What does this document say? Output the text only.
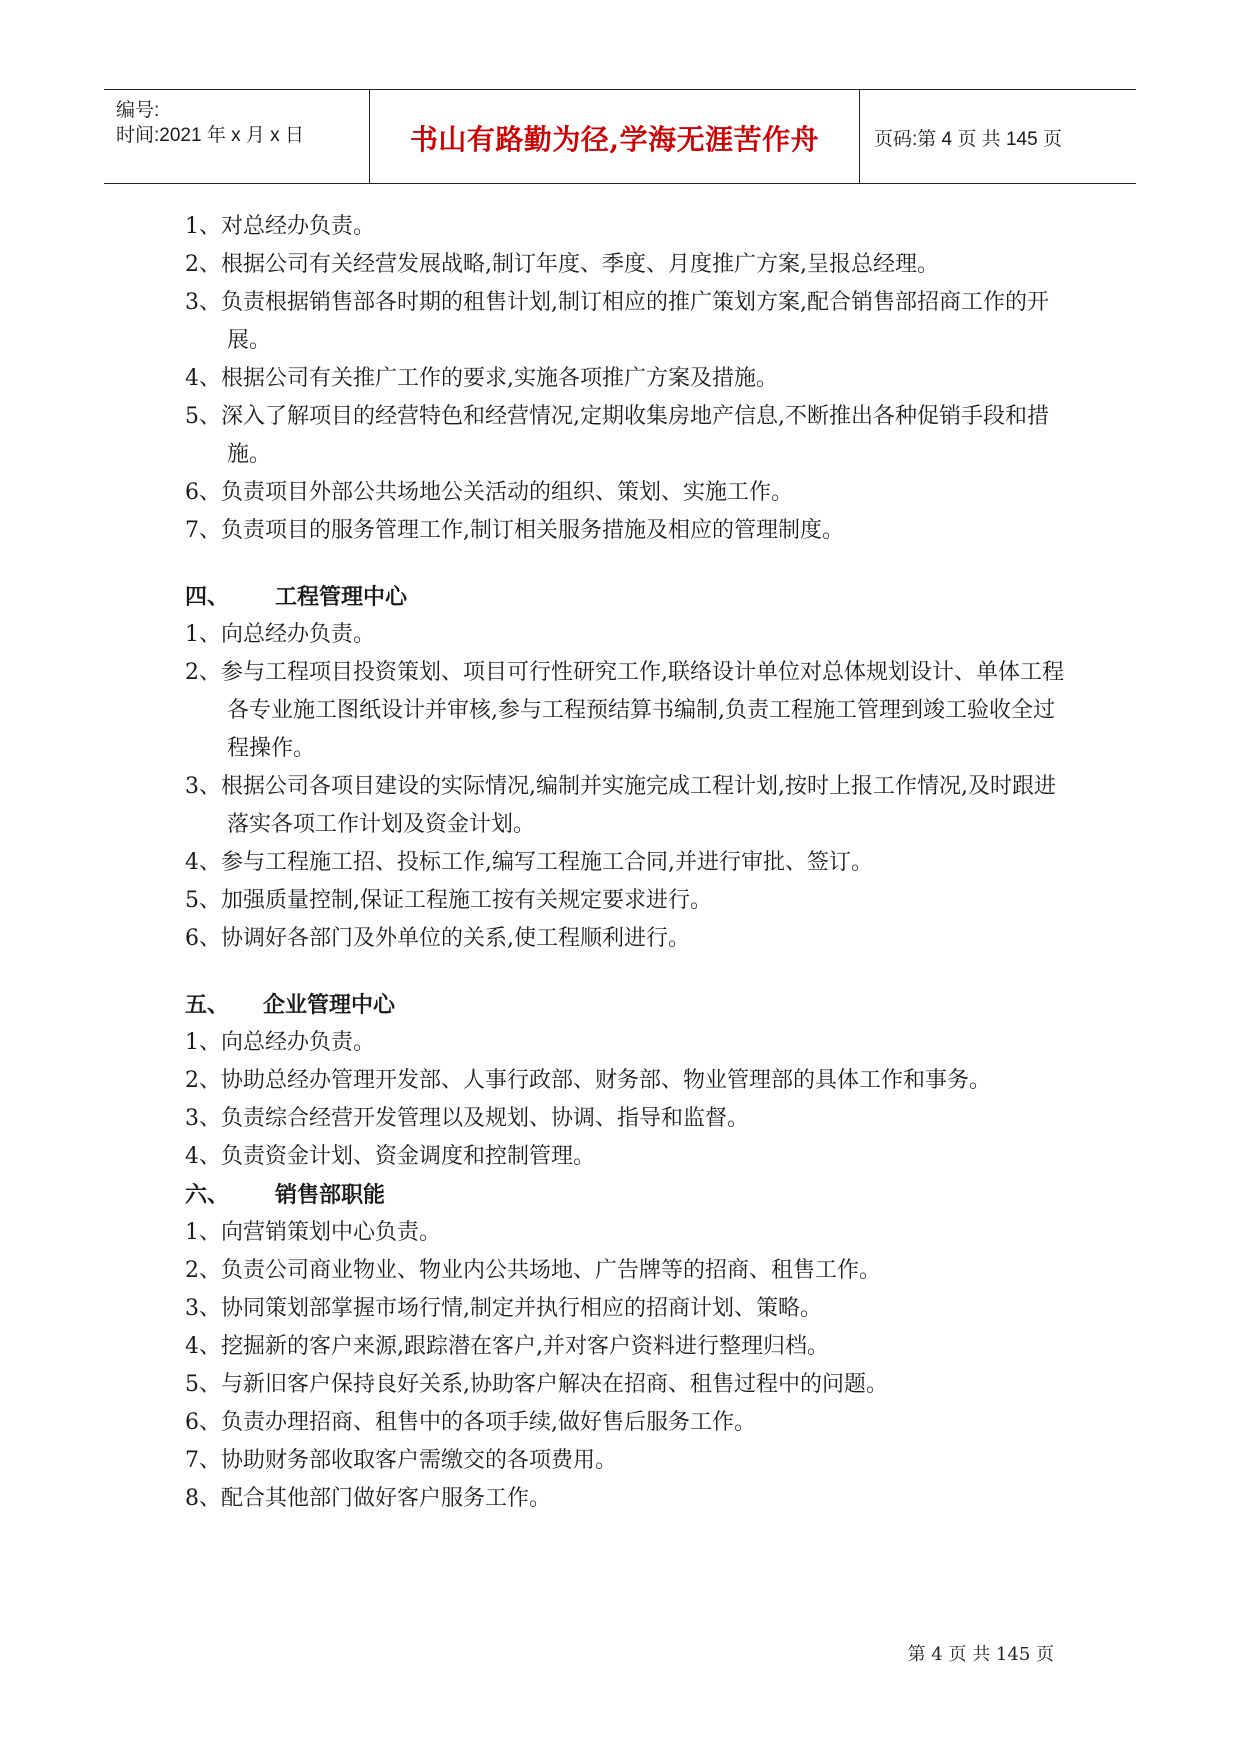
编号:
时间:2021 年 x 月 x 日	书山有路勤为径,学海无涯苦作舟	页码:第 4 页 共 145 页

1、对总经办负责。

2、根据公司有关经营发展战略,制订年度、季度、月度推广方案,呈报总经理。

3、负责根据销售部各时期的租售计划,制订相应的推广策划方案,配合销售部招商工作的开展。

4、根据公司有关推广工作的要求,实施各项推广方案及措施。

5、深入了解项目的经营特色和经营情况,定期收集房地产信息,不断推出各种促销手段和措施。

6、负责项目外部公共场地公关活动的组织、策划、实施工作。

7、负责项目的服务管理工作,制订相关服务措施及相应的管理制度。

四、 工程管理中心

1、向总经办负责。

2、参与工程项目投资策划、项目可行性研究工作,联络设计单位对总体规划设计、单体工程各专业施工图纸设计并审核,参与工程预结算书编制,负责工程施工管理到竣工验收全过程操作。

3、根据公司各项目建设的实际情况,编制并实施完成工程计划,按时上报工作情况,及时跟进落实各项工作计划及资金计划。

4、参与工程施工招、投标工作,编写工程施工合同,并进行审批、签订。

5、加强质量控制,保证工程施工按有关规定要求进行。

6、协调好各部门及外单位的关系,使工程顺利进行。

五、 企业管理中心

1、向总经办负责。

2、协助总经办管理开发部、人事行政部、财务部、物业管理部的具体工作和事务。

3、负责综合经营开发管理以及规划、协调、指导和监督。

4、负责资金计划、资金调度和控制管理。

六、 销售部职能

1、向营销策划中心负责。

2、负责公司商业物业、物业内公共场地、广告牌等的招商、租售工作。

3、协同策划部掌握市场行情,制定并执行相应的招商计划、策略。

4、挖掘新的客户来源,跟踪潜在客户,并对客户资料进行整理归档。

5、与新旧客户保持良好关系,协助客户解决在招商、租售过程中的问题。

6、负责办理招商、租售中的各项手续,做好售后服务工作。

7、协助财务部收取客户需缴交的各项费用。

8、配合其他部门做好客户服务工作。

第 4 页 共 145 页
